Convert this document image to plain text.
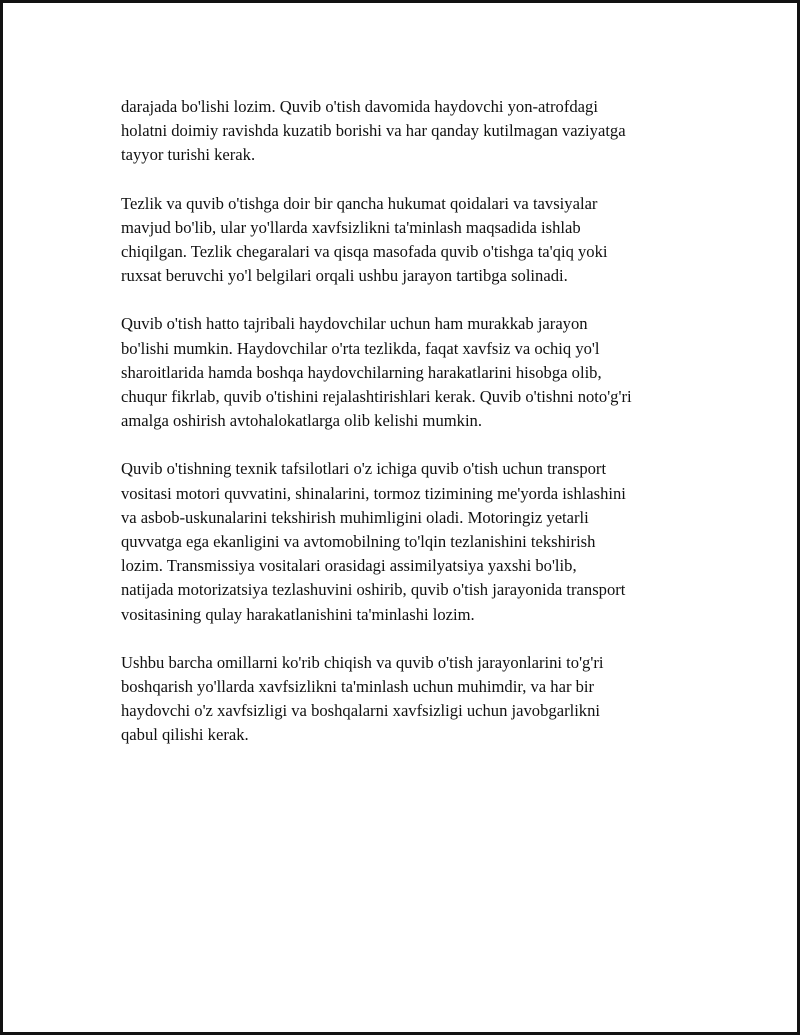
darajada bo'lishi lozim. Quvib o'tish davomida haydovchi yon-atrofdagi
holatni doimiy ravishda kuzatib borishi va har qanday kutilmagan vaziyatga
tayyor turishi kerak.

Tezlik va quvib o'tishga doir bir qancha hukumat qoidalari va tavsiyalar
mavjud bo'lib, ular yo'llarda xavfsizlikni ta'minlash maqsadida ishlab
chiqilgan. Tezlik chegaralari va qisqa masofada quvib o'tishga ta'qiq yoki
ruxsat beruvchi yo'l belgilari orqali ushbu jarayon tartibga solinadi.

Quvib o'tish hatto tajribali haydovchilar uchun ham murakkab jarayon
bo'lishi mumkin. Haydovchilar o'rta tezlikda, faqat xavfsiz va ochiq yo'l
sharoitlarida hamda boshqa haydovchilarning harakatlarini hisobga olib,
chuqur fikrlab, quvib o'tishini rejalashtirishlari kerak. Quvib o'tishni noto'g'ri
amalga oshirish avtohalokatlarga olib kelishi mumkin.

Quvib o'tishning texnik tafsilotlari o'z ichiga quvib o'tish uchun transport
vositasi motori quvvatini, shinalarini, tormoz tizimining me'yorda ishlashini
va asbob-uskunalarini tekshirish muhimligini oladi. Motoringiz yetarli
quvvatga ega ekanligini va avtomobilning to'lqin tezlanishini tekshirish
lozim. Transmissiya vositalari orasidagi assimilyatsiya yaxshi bo'lib,
natijada motorizatsiya tezlashuvini oshirib, quvib o'tish jarayonida transport
vositasining qulay harakatlanishini ta'minlashi lozim.

Ushbu barcha omillarni ko'rib chiqish va quvib o'tish jarayonlarini to'g'ri
boshqarish yo'llarda xavfsizlikni ta'minlash uchun muhimdir, va har bir
haydovchi o'z xavfsizligi va boshqalarni xavfsizligi uchun javobgarlikni
qabul qilishi kerak.
